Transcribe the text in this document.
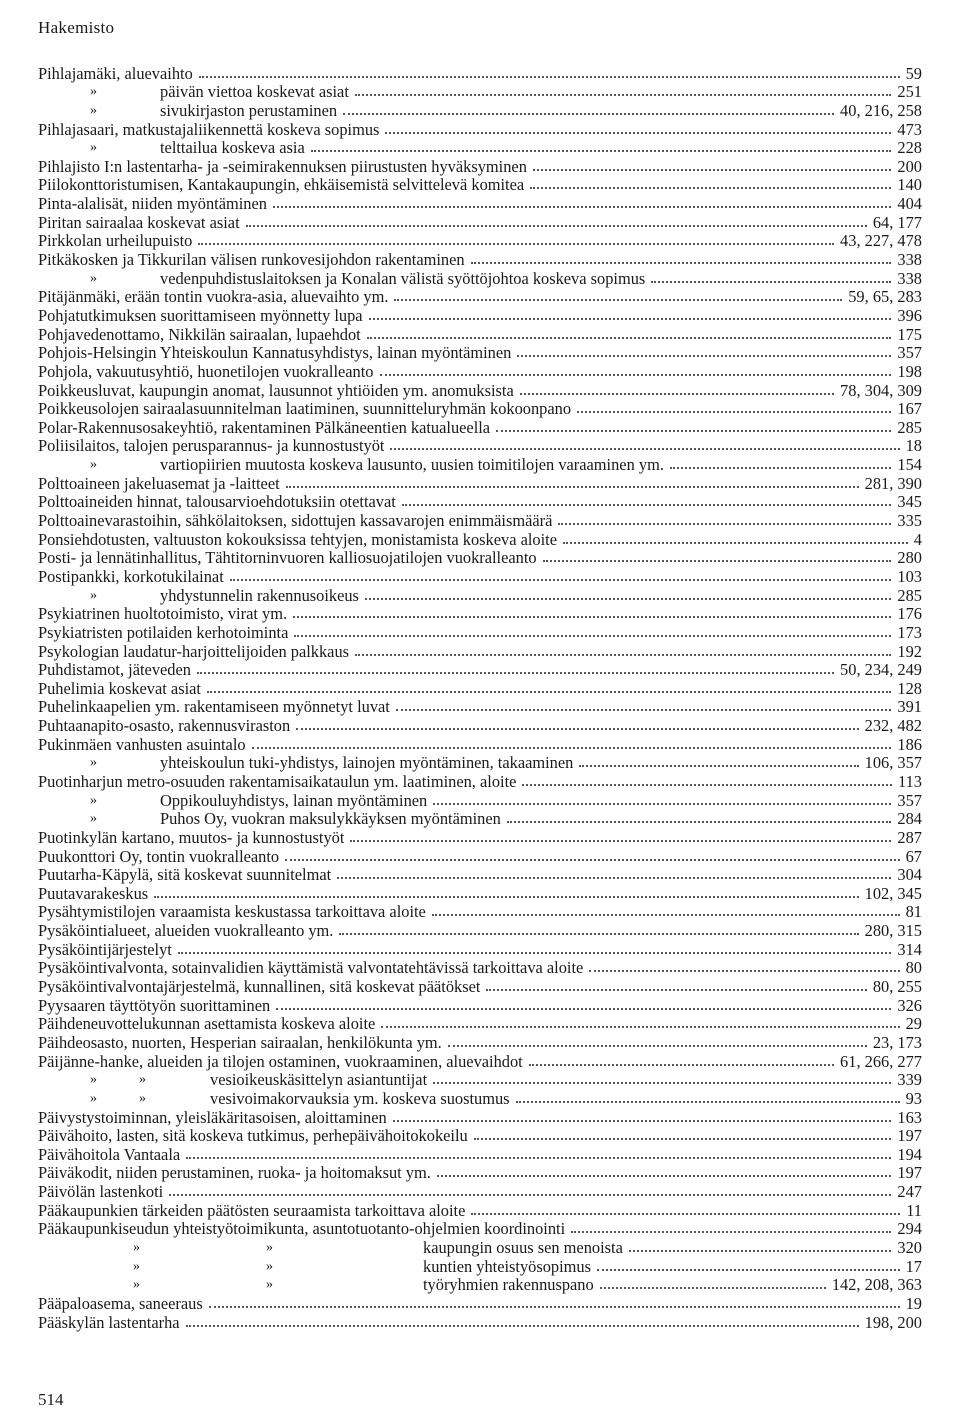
Hakemisto
Pihlajamäki, aluevaihto	59
»	päivän viettoa koskevat asiat	251
»	sivukirjaston perustaminen	40, 216, 258
Pihlajasaari, matkustajaliikennettä koskeva sopimus	473
»	telttailua koskeva asia	228
Pihlajisto I:n lastentarha- ja -seimirakennuksen piirustusten hyväksyminen	200
Piilokonttoristumisen, Kantakaupungin, ehkäisemistä selvittelevä komitea	140
Pinta-alalisät, niiden myöntäminen	404
Piritan sairaalaa koskevat asiat	64, 177
Pirkkolan urheilupuisto	43, 227, 478
Pitkäkosken ja Tikkurilan välisen runkovesijohdon rakentaminen	338
»	vedenpuhdistuslaitoksen ja Konalan välistä syöttöjohtoa koskeva sopimus	338
Pitäjänmäki, erään tontin vuokra-asia, aluevaihto ym.	59, 65, 283
Pohjatutkimuksen suorittamiseen myönnetty lupa	396
Pohjavedenottamo, Nikkilän sairaalan, lupaehdot	175
Pohjois-Helsingin Yhteiskoulun Kannatusyhdistys, lainan myöntäminen	357
Pohjola, vakuutusyhtiö, huonetilojen vuokralleanto	198
Poikkeusluvat, kaupungin anomat, lausunnot yhtiöiden ym. anomuksista	78, 304, 309
Poikkeusolojen sairaalasuunnitelman laatiminen, suunnitteluryhmän kokoonpano	167
Polar-Rakennusosakeyhtiö, rakentaminen Pälkäneentien katualueella	285
Poliisilaitos, talojen perusparannus- ja kunnostustyöt	18
»	vartiopiirien muutosta koskeva lausunto, uusien toimitilojen varaaminen ym.	154
Polttoaineen jakeluasemat ja -laitteet	281, 390
Polttoaineiden hinnat, talousarvioehdotuksiin otettavat	345
Polttoainevarastoihin, sähkölaitoksen, sidottujen kassavarojen enimmäismäärä	335
Ponsiehdotusten, valtuuston kokouksissa tehtyjen, monistamista koskeva aloite	4
Posti- ja lennätinhallitus, Tähtitorninvuoren kalliosuojatilojen vuokralleanto	280
Postipankki, korkotukilainat	103
»	yhdystunnelin rakennusoikeus	285
Psykiatrinen huoltotoimisto, virat ym.	176
Psykiatristen potilaiden kerhotoiminta	173
Psykologian laudatur-harjoittelijoiden palkkaus	192
Puhdistamot, jäteveden	50, 234, 249
Puhelimia koskevat asiat	128
Puhelinkaapelien ym. rakentamiseen myönnetyt luvat	391
Puhtaanapito-osasto, rakennusviraston	232, 482
Pukinmäen vanhusten asuintalo	186
»	yhteiskoulun tuki-yhdistys, lainojen myöntäminen, takaaminen	106, 357
Puotinharjun metro-osuuden rakentamisaikataulun ym. laatiminen, aloite	113
»	Oppikouluyhdistys, lainan myöntäminen	357
»	Puhos Oy, vuokran maksulykkäyksen myöntäminen	284
Puotinkylän kartano, muutos- ja kunnostustyöt	287
Puukonttori Oy, tontin vuokralleanto	67
Puutarha-Käpylä, sitä koskevat suunnitelmat	304
Puutavarakeskus	102, 345
Pysähtymistilojen varaamista keskustassa tarkoittava aloite	81
Pysäköintialueet, alueiden vuokralleanto ym.	280, 315
Pysäköintijärjestelyt	314
Pysäköintivalvonta, sotainvalidien käyttämistä valvontatehtävissä tarkoittava aloite	80
Pysäköintivalvontajärjestelmä, kunnallinen, sitä koskevat päätökset	80, 255
Pyysaaren täyttötyön suorittaminen	326
Päihdeneuvottelukunnan asettamista koskeva aloite	29
Päihdeosasto, nuorten, Hesperian sairaalan, henkilökunta ym.	23, 173
Päijänne-hanke, alueiden ja tilojen ostaminen, vuokraaminen, aluevaihdot	61, 266, 277
»   »	vesioikeuskäsittelyn asiantuntijat	339
»   »	vesivoimakorvauksia ym. koskeva suostumus	93
Päivystystoiminnan, yleisläkäritasoisen, aloittaminen	163
Päivähoito, lasten, sitä koskeva tutkimus, perhepäivähoitokokeilu	197
Päivähoitola Vantaala	194
Päiväkodit, niiden perustaminen, ruoka- ja hoitomaksut ym.	197
Päivölän lastenkoti	247
Pääkaupunkien tärkeiden päätösten seuraamista tarkoittava aloite	11
Pääkaupunkiseudun yhteistyötoimikunta, asuntotuotanto-ohjelmien koordinointi	294
»         »	kaupungin osuus sen menoista	320
»         »	kuntien yhteistyösopimus	17
»         »	työryhmien rakennuspano	142, 208, 363
Pääpaloasema, saneeraus	19
Pääskylän lastentarha	198, 200
514
